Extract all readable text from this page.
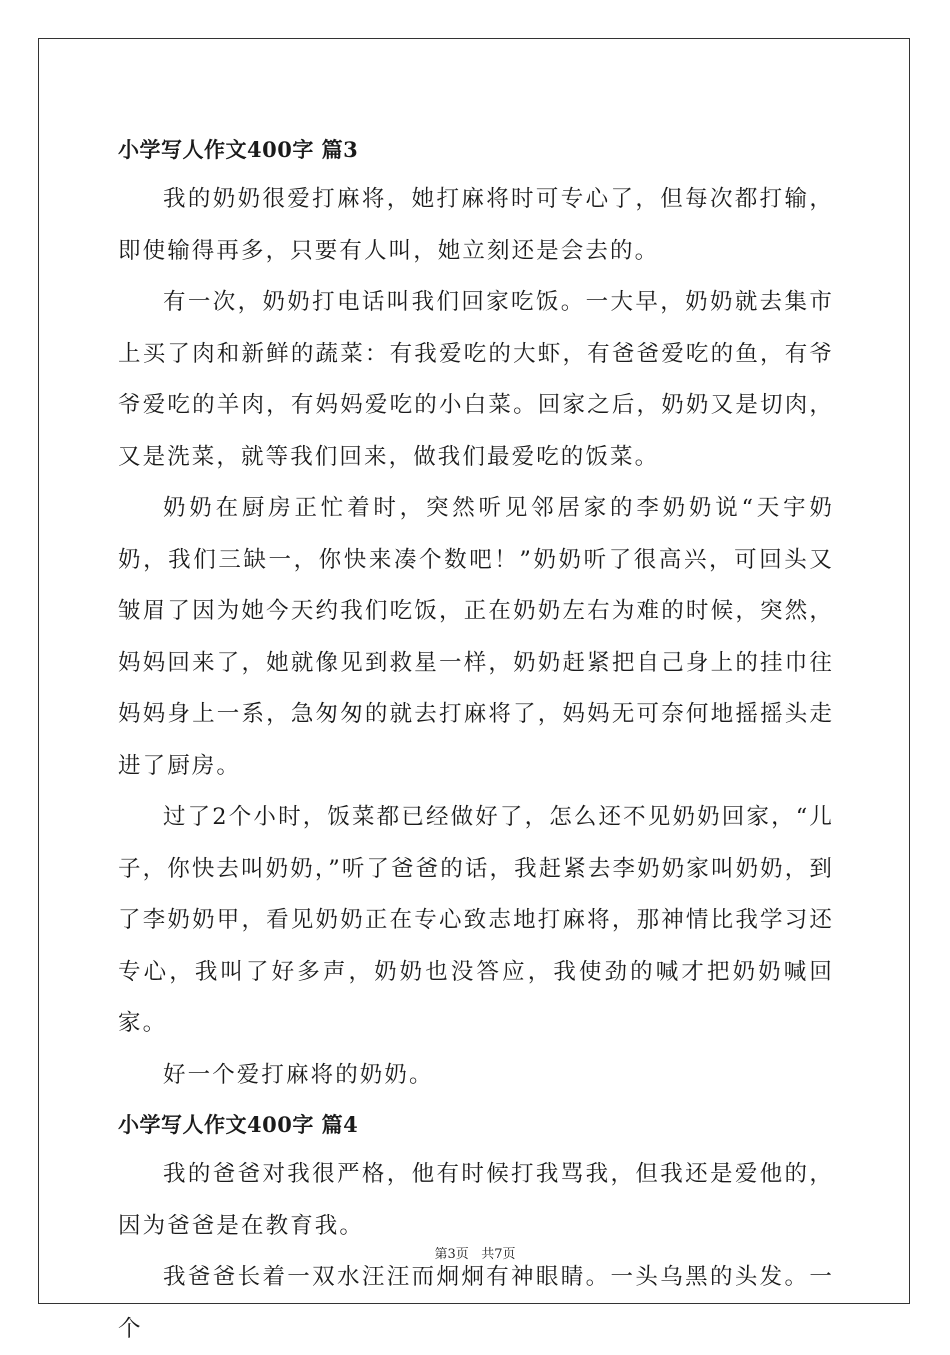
小学写人作文400字 篇3

我的奶奶很爱打麻将，她打麻将时可专心了，但每次都打输，即使输得再多，只要有人叫，她立刻还是会去的。

有一次，奶奶打电话叫我们回家吃饭。一大早，奶奶就去集市上买了肉和新鲜的蔬菜：有我爱吃的大虾，有爸爸爱吃的鱼，有爷爷爱吃的羊肉，有妈妈爱吃的小白菜。回家之后，奶奶又是切肉，又是洗菜，就等我们回来，做我们最爱吃的饭菜。

奶奶在厨房正忙着时，突然听见邻居家的李奶奶说“天宇奶奶，我们三缺一，你快来凑个数吧！”奶奶听了很高兴，可回头又皱眉了因为她今天约我们吃饭，正在奶奶左右为难的时候，突然，妈妈回来了，她就像见到救星一样，奶奶赶紧把自己身上的挂巾往妈妈身上一系，急匆匆的就去打麻将了，妈妈无可奈何地摇摇头走进了厨房。

过了2个小时，饭菜都已经做好了，怎么还不见奶奶回家，“儿子，你快去叫奶奶，”听了爸爸的话，我赶紧去李奶奶家叫奶奶，到了李奶奶甲，看见奶奶正在专心致志地打麻将，那神情比我学习还专心，我叫了好多声，奶奶也没答应，我使劲的喊才把奶奶喊回家。

好一个爱打麻将的奶奶。

小学写人作文400字 篇4

我的爸爸对我很严格，他有时候打我骂我，但我还是爱他的，因为爸爸是在教育我。

我爸爸长着一双水汪汪而炯炯有神眼睛。一头乌黑的头发。一个

第3页 共7页
